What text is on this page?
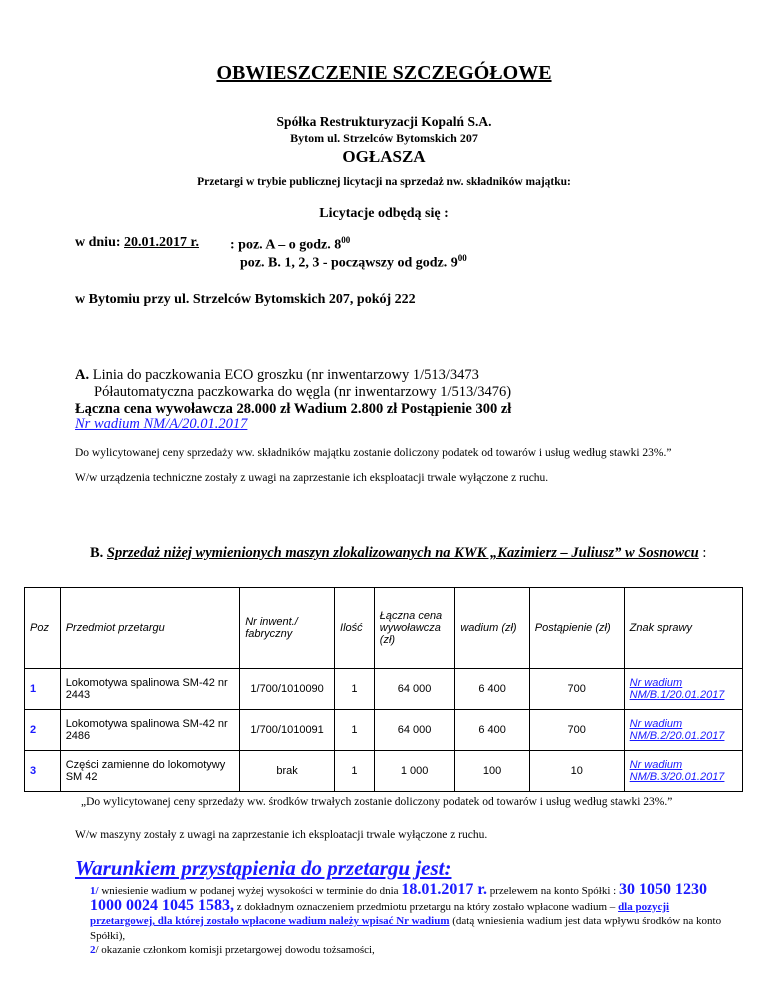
OBWIESZCZENIE SZCZEGÓŁOWE
Spółka Restrukturyzacji Kopalń S.A.
Bytom ul. Strzelców Bytomskich 207
OGŁASZA
Przetargi w trybie publicznej licytacji na sprzedaż nw. składników majątku:
Licytacje odbędą się :
w dniu: 20.01.2017 r. : poz. A – o godz. $8^{00}$
poz. B. 1, 2, 3 - począwszy od godz. $9^{00}$
w Bytomiu przy ul. Strzelców Bytomskich 207, pokój 222
A. Linia do paczkowania ECO groszku (nr inwentarzowy 1/513/3473
Półautomatyczna paczkowarka do węgla (nr inwentarzowy 1/513/3476)
Łączna cena wywoławcza 28.000 zł Wadium 2.800 zł Postąpienie 300 zł
Nr wadium NM/A/20.01.2017
Do wylicytowanej ceny sprzedaży ww. składników majątku zostanie doliczony podatek od towarów i usług według stawki 23%.”
W/w urządzenia techniczne zostały z uwagi na zaprzestanie ich eksploatacji trwale wyłączone z ruchu.
B. Sprzedaż niżej wymienionych maszyn zlokalizowanych na KWK „Kazimierz – Juliusz” w Sosnowcu :
Poz	Przedmiot przetargu	Nr inwent./ fabryczny	Ilość	Łączna cena wywoławcza (zł)	wadium (zł)	Postąpienie (zł)	Znak sprawy
1	Lokomotywa spalinowa SM-42 nr 2443	1/700/1010090	1	64 000	6 400	700	Nr wadium NM/B.1/20.01.2017
2	Lokomotywa spalinowa SM-42 nr 2486	1/700/1010091	1	64 000	6 400	700	Nr wadium NM/B.2/20.01.2017
3	Części zamienne do lokomotywy SM 42	brak	1	1 000	100	10	Nr wadium NM/B.3/20.01.2017
„Do wylicytowanej ceny sprzedaży ww. środków trwałych zostanie doliczony podatek od towarów i usług według stawki 23%.”
W/w maszyny zostały z uwagi na zaprzestanie ich eksploatacji trwale wyłączone z ruchu.
Warunkiem przystąpienia do przetargu jest:
1/ wniesienie wadium w podanej wyżej wysokości w terminie do dnia 18.01.2017 r. przelewem na konto Spółki : 30 1050 1230 1000 0024 1045 1583, z dokładnym oznaczeniem przedmiotu przetargu na który zostało wpłacone wadium – dla pozycji przetargowej, dla której zostało wpłacone wadium należy wpisać Nr wadium (datą wniesienia wadium jest data wpływu środków na konto Spółki),
2/ okazanie członkom komisji przetargowej dowodu tożsamości,
